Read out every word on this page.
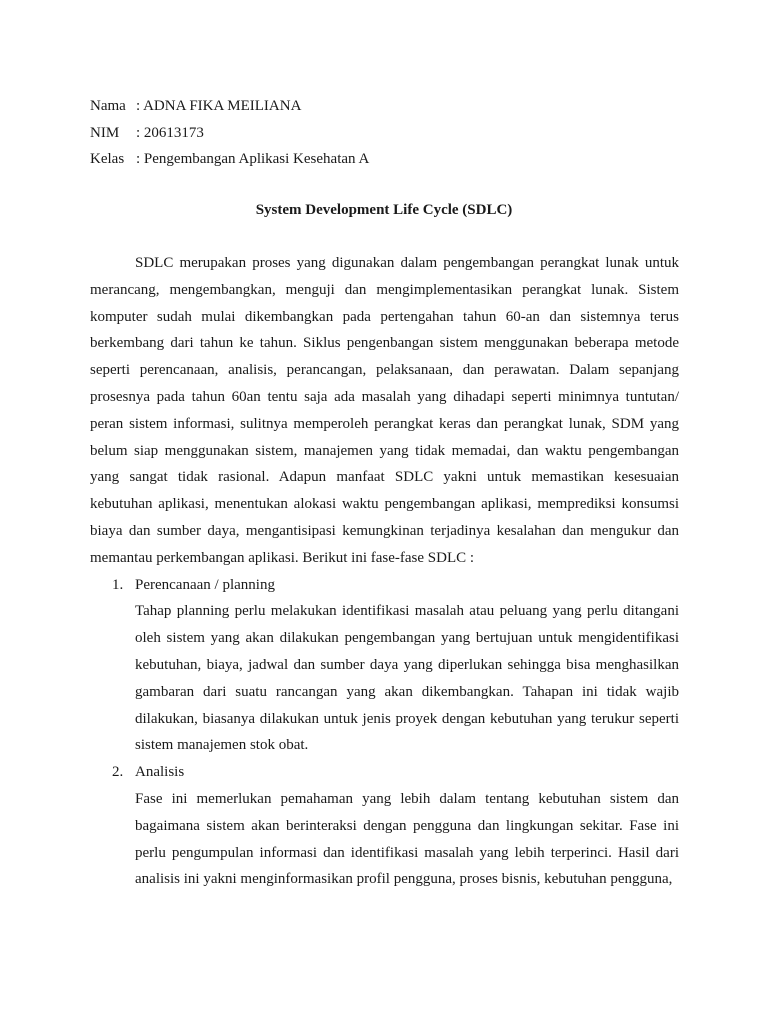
Nama : ADNA FIKA MEILIANA
NIM	: 20613173
Kelas : Pengembangan Aplikasi Kesehatan A
System Development Life Cycle (SDLC)

SDLC merupakan proses yang digunakan dalam pengembangan perangkat lunak untuk merancang, mengembangkan, menguji dan mengimplementasikan perangkat lunak. Sistem komputer sudah mulai dikembangkan pada pertengahan tahun 60-an dan sistemnya terus berkembang dari tahun ke tahun. Siklus pengenbangan sistem menggunakan beberapa metode seperti perencanaan, analisis, perancangan, pelaksanaan, dan perawatan. Dalam sepanjang prosesnya pada tahun 60an tentu saja ada masalah yang dihadapi seperti minimnya tuntutan/ peran sistem informasi, sulitnya memperoleh perangkat keras dan perangkat lunak, SDM yang belum siap menggunakan sistem, manajemen yang tidak memadai, dan waktu pengembangan yang sangat tidak rasional. Adapun manfaat SDLC yakni untuk memastikan kesesuaian kebutuhan aplikasi, menentukan alokasi waktu pengembangan aplikasi, memprediksi konsumsi biaya dan sumber daya, mengantisipasi kemungkinan terjadinya kesalahan dan mengukur dan memantau perkembangan aplikasi. Berikut ini fase-fase SDLC :

1. Perencanaan / planning

Tahap planning perlu melakukan identifikasi masalah atau peluang yang perlu ditangani oleh sistem yang akan dilakukan pengembangan yang bertujuan untuk mengidentifikasi kebutuhan, biaya, jadwal dan sumber daya yang diperlukan sehingga bisa menghasilkan gambaran dari suatu rancangan yang akan dikembangkan. Tahapan ini tidak wajib dilakukan, biasanya dilakukan untuk jenis proyek dengan kebutuhan yang terukur seperti sistem manajemen stok obat.

2. Analisis

Fase ini memerlukan pemahaman yang lebih dalam tentang kebutuhan sistem dan bagaimana sistem akan berinteraksi dengan pengguna dan lingkungan sekitar. Fase ini perlu pengumpulan informasi dan identifikasi masalah yang lebih terperinci. Hasil dari analisis ini yakni menginformasikan profil pengguna, proses bisnis, kebutuhan pengguna,
